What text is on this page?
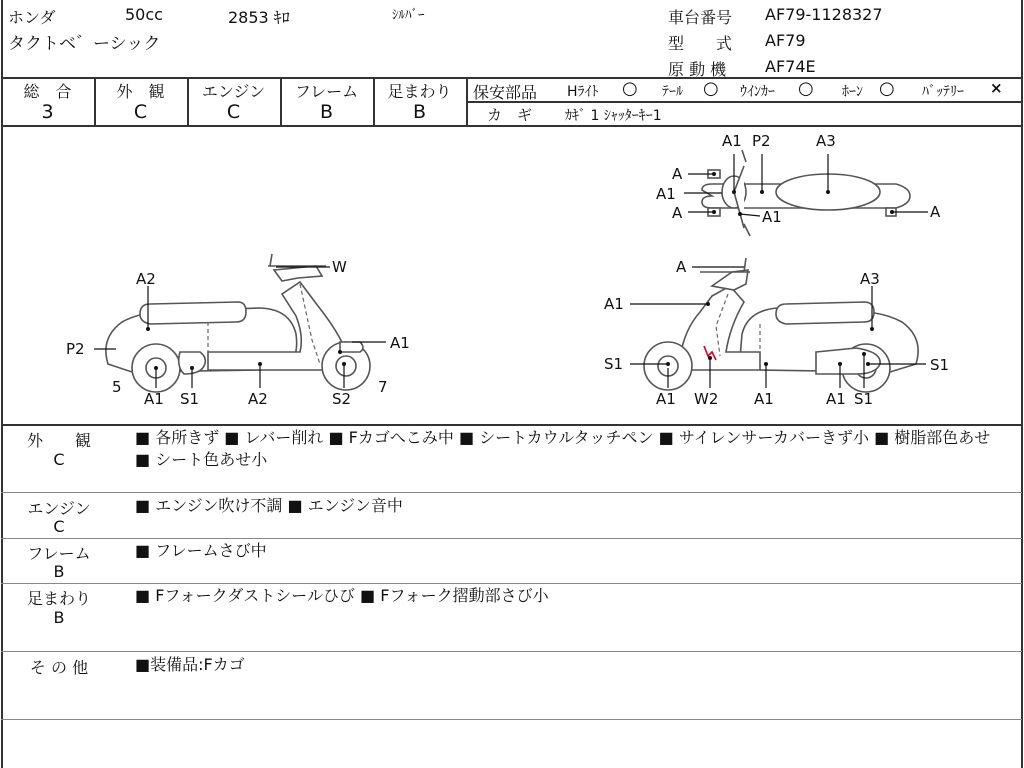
ホンダ	50cc	2853 ｷﾛ	ｼﾙﾊﾞｰ
タクトベ゛ーシック
車台番号 AF79-1128327
型　　式 AF79
原 動 機 AF74E
総　合
3
外　観
C
エンジン
C
フレーム
B
足まわり
B
保安部品 Hﾗｲﾄ ○ ﾃｰﾙ ○ ｳｲﾝｶｰ ○ ﾎｰﾝ ○ ﾊﾞｯﾃﾘｰ ×
カ　ギ ｶｷﾞ 1 ｼｬｯﾀｰｷｰ1
W
A2
P2	A1
5
A1 S1	A2	S2
7
A1 P2	A3
A
A1
A	A1	A
A
A1
A3
S1	S1
A1 W2 A1	A1 S1
外　　観
C
■ 各所きず ■ レバー削れ ■ Fカゴへこみ中 ■ シートカウルタッチペン ■ サイレンサーカバーきず小 ■ 樹脂部色あせ ■ シート色あせ小
エンジン
C
■ エンジン吹け不調 ■ エンジン音中
フレーム
B
■ フレームさび中
足まわり
B
■ Fフォークダストシールひび ■ Fフォーク摺動部さび小
そ の 他	■装備品:Fカゴ
